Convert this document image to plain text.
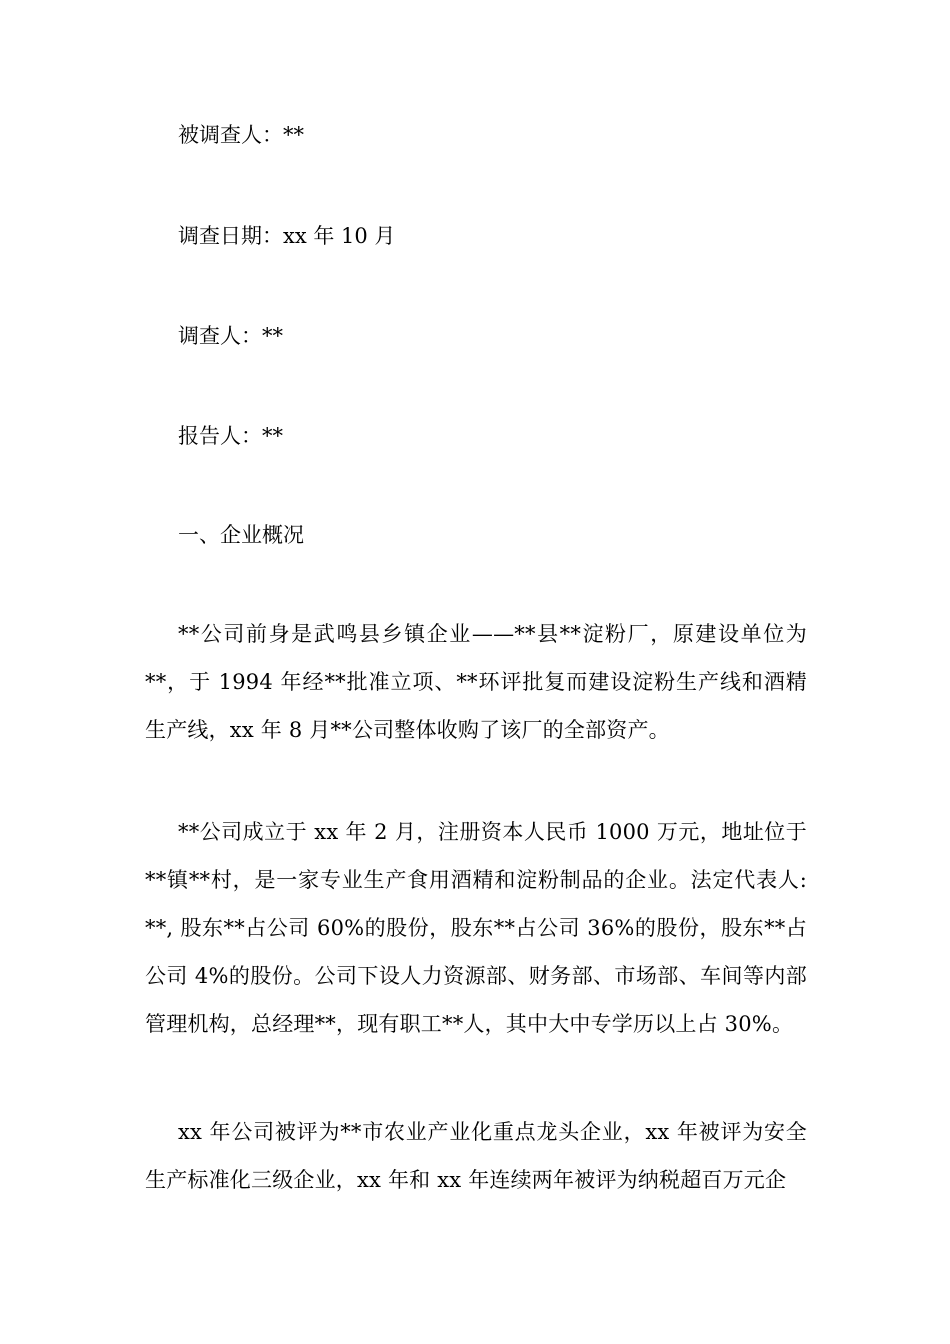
被调查人：**
调查日期：xx 年 10 月
调查人：**
报告人：**
一、企业概况
**公司前身是武鸣县乡镇企业——**县**淀粉厂，原建设单位为**，于 1994 年经**批准立项、**环评批复而建设淀粉生产线和酒精生产线，xx 年 8 月**公司整体收购了该厂的全部资产。
**公司成立于 xx 年 2 月，注册资本人民币 1000 万元，地址位于**镇**村，是一家专业生产食用酒精和淀粉制品的企业。法定代表人: **, 股东**占公司 60%的股份，股东**占公司 36%的股份，股东**占公司 4%的股份。公司下设人力资源部、财务部、市场部、车间等内部管理机构，总经理**，现有职工**人，其中大中专学历以上占 30%。
xx 年公司被评为**市农业产业化重点龙头企业，xx 年被评为安全生产标准化三级企业，xx 年和 xx 年连续两年被评为纳税超百万元企
